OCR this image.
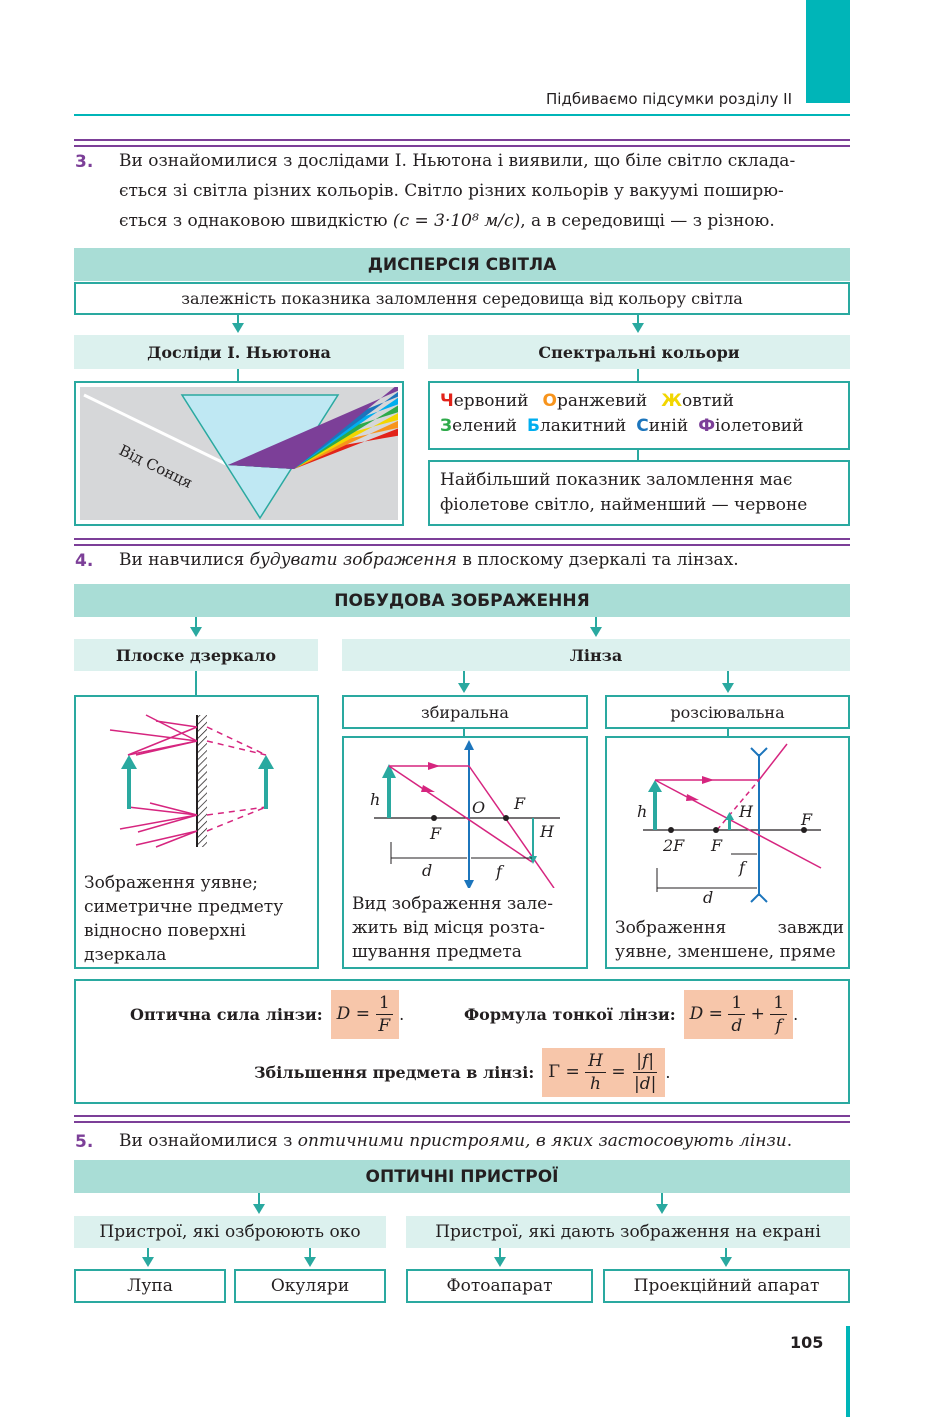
Підбиваємо підсумки розділу II
3. Ви ознайомилися з дослідами І. Ньютона і виявили, що біле світло склада-
ється зі світла різних кольорів. Світло різних кольорів у вакуумі поширю-
ється з однаковою швидкістю (c = 3·10⁸ м/с), а в середовищі — з різною.
ДИСПЕРСІЯ СВІТЛА
залежність показника заломлення середовища від кольору світла
Досліди І. Ньютона	Спектральні кольори
Від Сонця
Червоний Оранжевий Жовтий
Зелений Блакитний Синій Фіолетовий
Найбільший показник заломлення має
фіолетове світло, найменший — червоне
4. Ви навчилися будувати зображення в плоскому дзеркалі та лінзах.
ПОБУДОВА ЗОБРАЖЕННЯ
Плоске дзеркало	Лінза
збиральна	розсіювальна
Зображення уявне;
симетричне предмету
відносно поверхні
дзеркала
h	O F
F	H
d	f
Вид зображення зале-
жить від місця розта-
шування предмета
h	H	F
2F F
f
d
Зображення	завжди
уявне, зменшене, пряме
Оптична сила лінзи: $D = \frac{1}{F}$ .	Формула тонкої лінзи: $D = \frac{1}{d} + \frac{1}{f}$ .
Збільшення предмета в лінзі: $\Gamma = \frac{H}{h} = \frac{|f|}{|d|}$ .
5. Ви ознайомилися з оптичними пристроями, в яких застосовують лінзи.
ОПТИЧНІ ПРИСТРОЇ
Пристрої, які озброюють око	Пристрої, які дають зображення на екрані
Лупа	Окуляри	Фотоапарат	Проекційний апарат
105
